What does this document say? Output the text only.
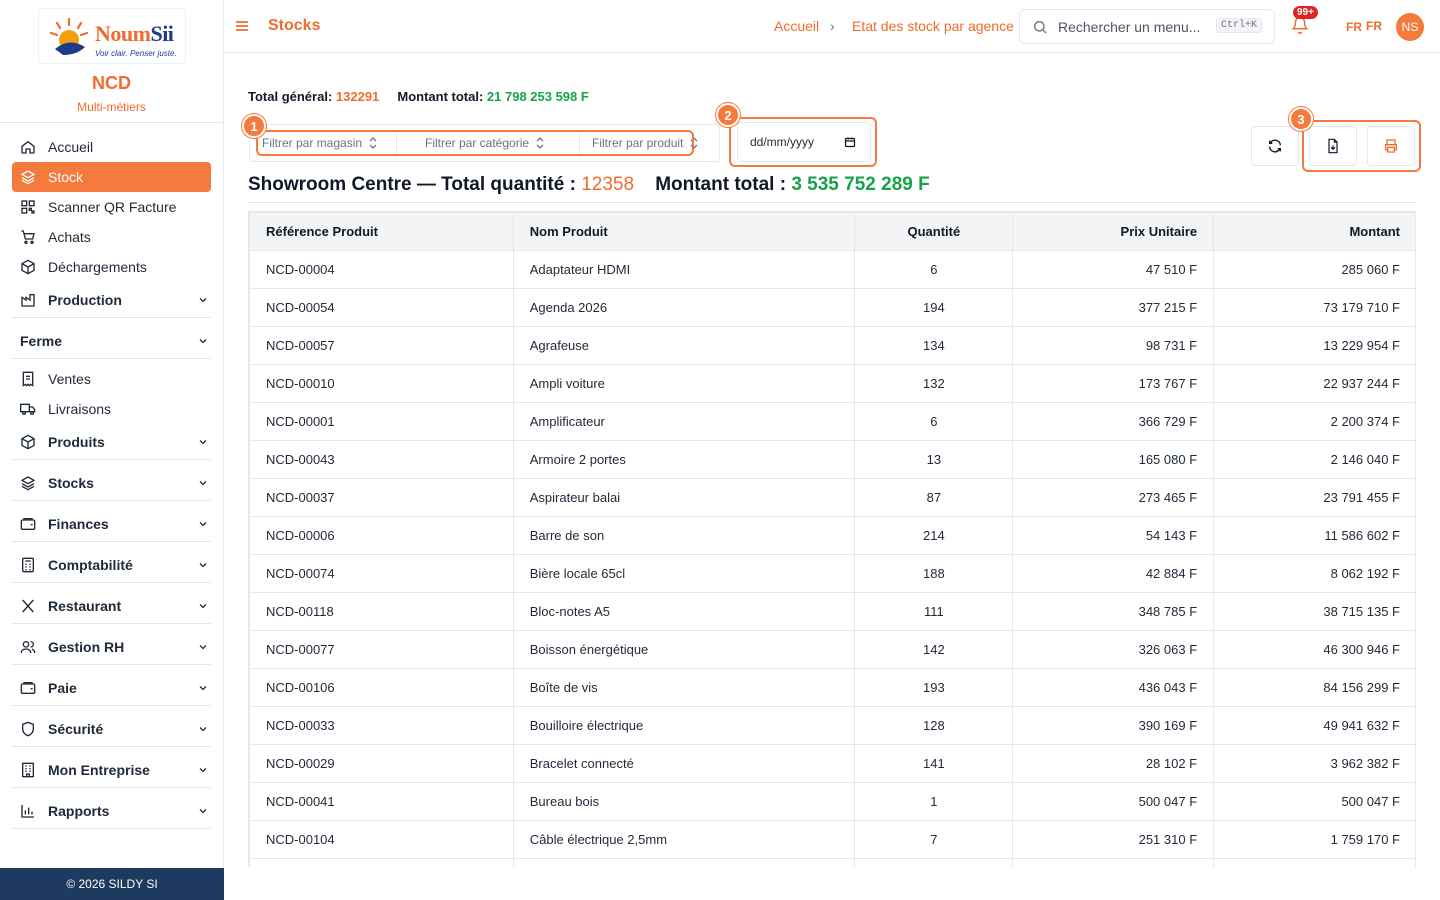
NoumSii
Voir clair. Penser juste.
NCD
Multi-métiers
Accueil
Stock
Scanner QR Facture
Achats
Déchargements
Production
Ferme
Ventes
Livraisons
Produits
Stocks
Finances
Comptabilité
Restaurant
Gestion RH
Paie
Sécurité
Mon Entreprise
Rapports
© 2026 SILDY SI
Stocks	Accueil › Etat des stock par agence	Rechercher un menu...	Ctrl+K
99+
FR FR	NS
Total général: 132291 Montant total: 21 798 253 598 F
Filtrer par magasin	Filtrer par catégorie	Filtrer par produit
1
dd/mm/yyyy
2	3
Showroom Centre — Total quantité : 12358 Montant total : 3 535 752 289 F
Référence Produit	Nom Produit	Quantité	Prix Unitaire	Montant
NCD-00004	Adaptateur HDMI	6	47 510 F	285 060 F
NCD-00054	Agenda 2026	194	377 215 F	73 179 710 F
NCD-00057	Agrafeuse	134	98 731 F	13 229 954 F
NCD-00010	Ampli voiture	132	173 767 F	22 937 244 F
NCD-00001	Amplificateur	6	366 729 F	2 200 374 F
NCD-00043	Armoire 2 portes	13	165 080 F	2 146 040 F
NCD-00037	Aspirateur balai	87	273 465 F	23 791 455 F
NCD-00006	Barre de son	214	54 143 F	11 586 602 F
NCD-00074	Bière locale 65cl	188	42 884 F	8 062 192 F
NCD-00118	Bloc-notes A5	111	348 785 F	38 715 135 F
NCD-00077	Boisson énergétique	142	326 063 F	46 300 946 F
NCD-00106	Boîte de vis	193	436 043 F	84 156 299 F
NCD-00033	Bouilloire électrique	128	390 169 F	49 941 632 F
NCD-00029	Bracelet connecté	141	28 102 F	3 962 382 F
NCD-00041	Bureau bois	1	500 047 F	500 047 F
NCD-00104	Câble électrique 2,5mm	7	251 310 F	1 759 170 F
